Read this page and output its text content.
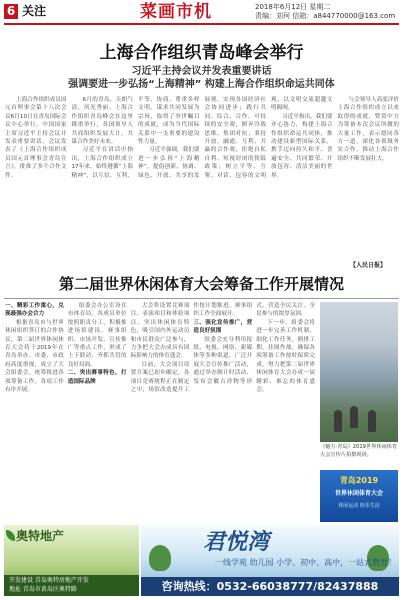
6 关注	菜画市机	2018年6月12日 星期二
责编：刘珂 信箱：a844770000@163.com
上海合作组织青岛峰会举行
习近平主持会议并发表重要讲话
强调要进一步弘扬“上海精神” 构建上海合作组织命运共同体

上海合作组织成员国元首理事会第十八次会议6月10日在青岛国际会议中心举行。中国国家主席习近平主持会议并发表重要讲话，会议发表了《上海合作组织成员国元首理事会青岛宣言》，批准了多个合作文件。

6月的青岛，天朗气清，风光秀丽。上海合作组织青岛峰会在这里隆重举行，各国领导人共商组织发展大计，共谋合作美好未来。

习近平在讲话中指出，上海合作组织成立17年来，始终遵循“上海精神”，以互信、互利、平等、协商、尊重多样文明、谋求共同发展为宗旨，取得了举世瞩目的成就，成为当代国际关系中一支重要的建设性力量。

习近平强调，我们要进一步弘扬“上海精神”，提倡创新、协调、绿色、开放、共享的发展观，实现各国经济社会协同进步；践行共同、综合、合作、可持续的安全观，摒弃冷战思维、集团对抗；秉持开放、融通、互利、共赢的合作观，拒绝自私自利、短视封闭的狭隘政策；树立平等、互鉴、对话、包容的文明观，以文明交流超越文明隔阂。

习近平指出，我们要齐心协力，构建上海合作组织命运共同体，推动建设新型国际关系，携手迈向持久和平、普遍安全、共同繁荣、开放包容、清洁美丽的世界。

与会领导人高度评价上海合作组织成立以来取得的成就，赞赏中方为筹备本次会议所做的大量工作，表示愿同各方一道，深化各领域务实合作，推动上海合作组织不断发展壮大。

【人民日报】
第二届世界休闲体育大会筹备工作开展情况

一、精彩工作重心，兑现最强办会合力

根据青岛市与世界休闲组织签订的合作协议，第二届世界休闲体育大会将于2019年在青岛举办。市委、市政府高度重视，成立了大会组委会，统筹推进各项筹备工作，各项工作有序开展。

组委会办公室设在市体育局，各成员单位按照职责分工，积极推进场馆建设、赛事组织、市场开发、宣传推广等重点工作，形成了上下联动、齐抓共管的良好局面。

二、突出赛事特色，打造国际品牌

大会将设置竞赛项目、表演项目和体验项目，突出休闲体育特色，吸引国内外运动员和市民群众广泛参与，力争把大会办成具有国际影响力的体育盛会。

目前，大会项目设置方案已初步确定，各项目竞赛规程正在制定之中，场馆改造提升工作按计划推进，赛事组织工作全面展开。

三、强化宣传推广，营造良好氛围

组委会充分利用报纸、电视、网络、新媒体等多种渠道，广泛开展大会宣传推广活动，通过举办倒计时活动、发布会徽吉祥物等形式，营造全民关注、全民参与的浓厚氛围。

下一步，组委会将进一步完善工作机制，细化工作任务，倒排工期，挂图作战，确保各项筹备工作按时保质完成，努力把第二届世界休闲体育大会办成一届精彩、难忘的体育盛会。

《魅力·青岛》2019世界休闲体育大会宣传片拍摄现场。
青岛2019
世界休闲体育大会
休闲运动 快乐生活
奥特地产
开发建设 青岛奥特房地产开发
地址 青岛市黄岛区奥特路
君悦湾
一线学苑 幼儿园 小学、初中、高中，一站式教育！
咨询热线：0532-66038777/82437888
